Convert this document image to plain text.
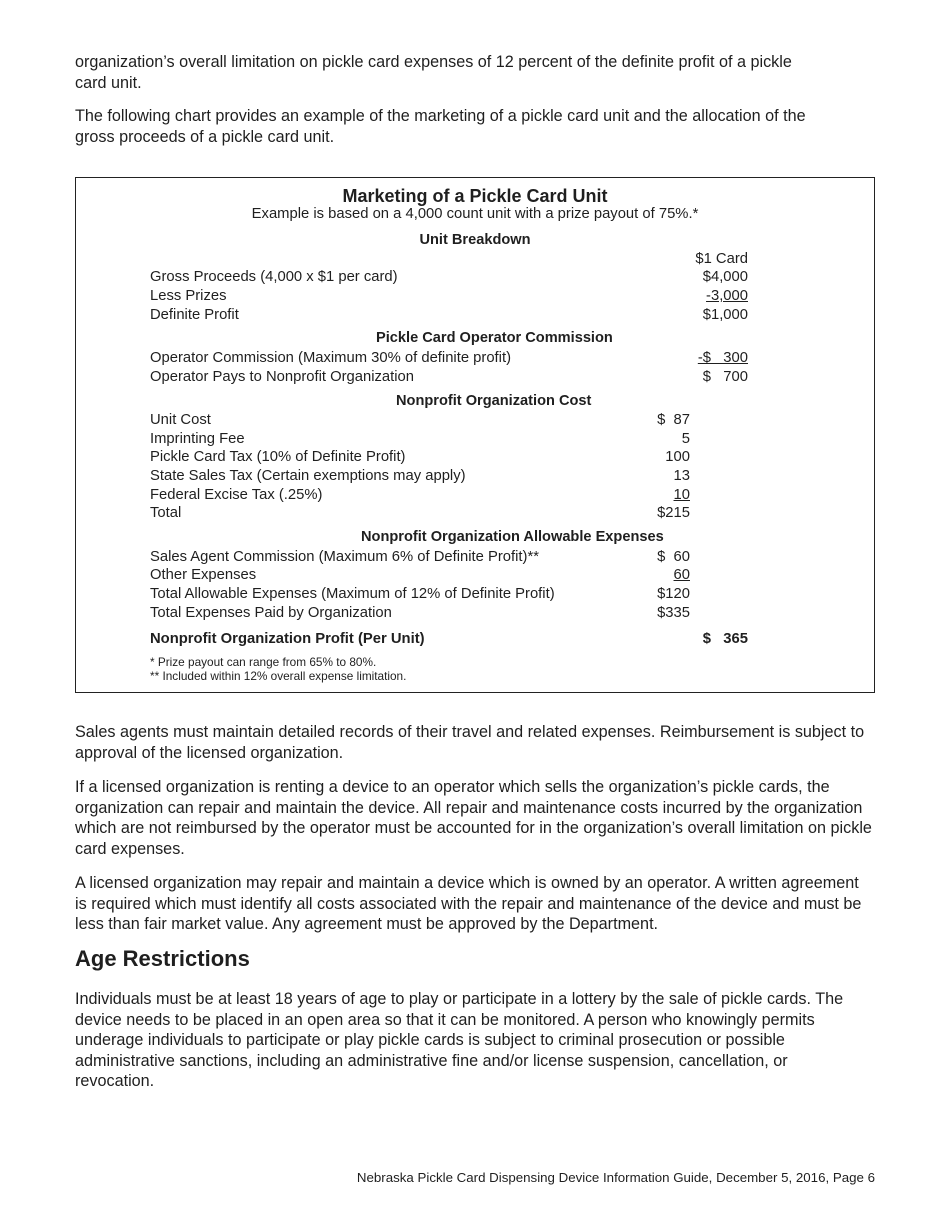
organization’s overall limitation on pickle card expenses of 12 percent of the definite profit of a pickle card unit.

The following chart provides an example of the marketing of a pickle card unit and the allocation of the gross proceeds of a pickle card unit.

Marketing of a Pickle Card Unit
Example is based on a 4,000 count unit with a prize payout of 75%.*
Unit Breakdown
$1 Card
Gross Proceeds (4,000 x $1 per card)	$4,000
Less Prizes	-3,000
Definite Profit	$1,000
Pickle Card Operator Commission
Operator Commission (Maximum 30% of definite profit)	-$   300
Operator Pays to Nonprofit Organization	$   700
Nonprofit Organization Cost
Unit Cost	$  87
Imprinting Fee	5
Pickle Card Tax (10% of Definite Profit)	100
State Sales Tax (Certain exemptions may apply)	13
Federal Excise Tax (.25%)	10
Total	$215
Nonprofit Organization Allowable Expenses
Sales Agent Commission (Maximum 6% of Definite Profit)**	$  60
Other Expenses	60
Total Allowable Expenses (Maximum of 12% of Definite Profit)	$120
Total Expenses Paid by Organization	$335
Nonprofit Organization Profit (Per Unit)	$   365
* Prize payout can range from 65% to 80%.
** Included within 12% overall expense limitation.

Sales agents must maintain detailed records of their travel and related expenses. Reimbursement is subject to approval of the licensed organization.

If a licensed organization is renting a device to an operator which sells the organization’s pickle cards, the organization can repair and maintain the device. All repair and maintenance costs incurred by the organization which are not reimbursed by the operator must be accounted for in the organization’s overall limitation on pickle card expenses.

A licensed organization may repair and maintain a device which is owned by an operator. A written agreement is required which must identify all costs associated with the repair and maintenance of the device and must be less than fair market value. Any agreement must be approved by the Department.

Age Restrictions

Individuals must be at least 18 years of age to play or participate in a lottery by the sale of pickle cards. The device needs to be placed in an open area so that it can be monitored. A person who knowingly permits underage individuals to participate or play pickle cards is subject to criminal prosecution or possible administrative sanctions, including an administrative fine and/or license suspension, cancellation, or revocation.

Nebraska Pickle Card Dispensing Device Information Guide, December 5, 2016, Page 6
